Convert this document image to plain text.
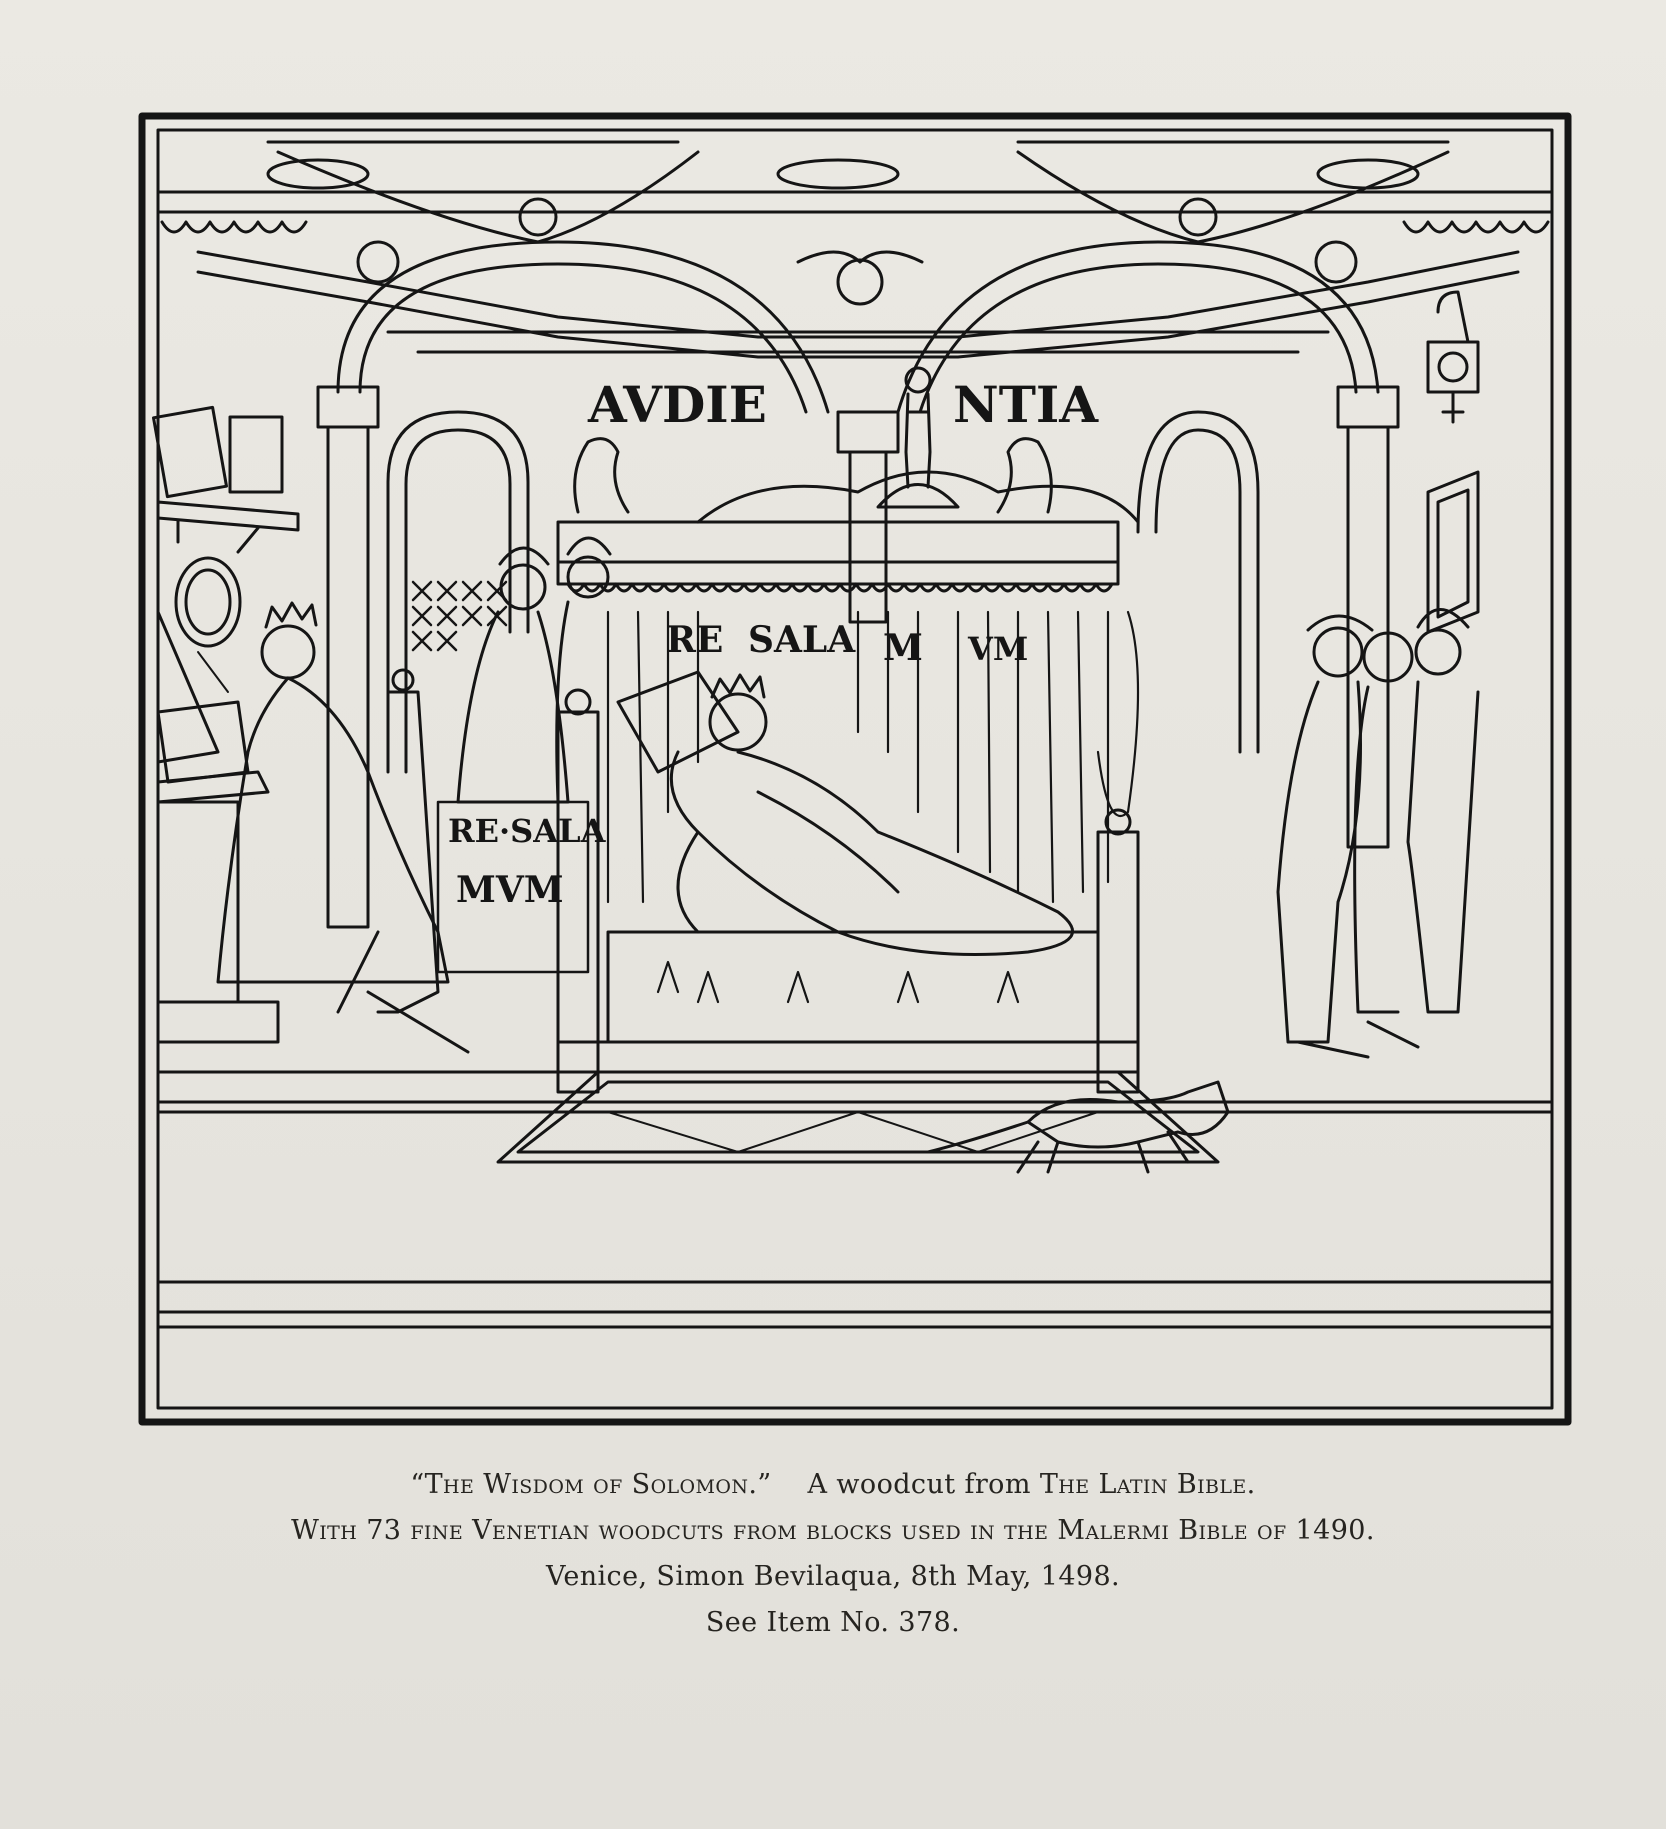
AVDIE	NTIA
RE SALA M VM
RE·SALA
MVM
“The Wisdom of Solomon.” A woodcut from The Latin Bible.
With 73 fine Venetian woodcuts from blocks used in the Malermi Bible of 1490.
Venice, Simon Bevilaqua, 8th May, 1498.
See Item No. 378.
